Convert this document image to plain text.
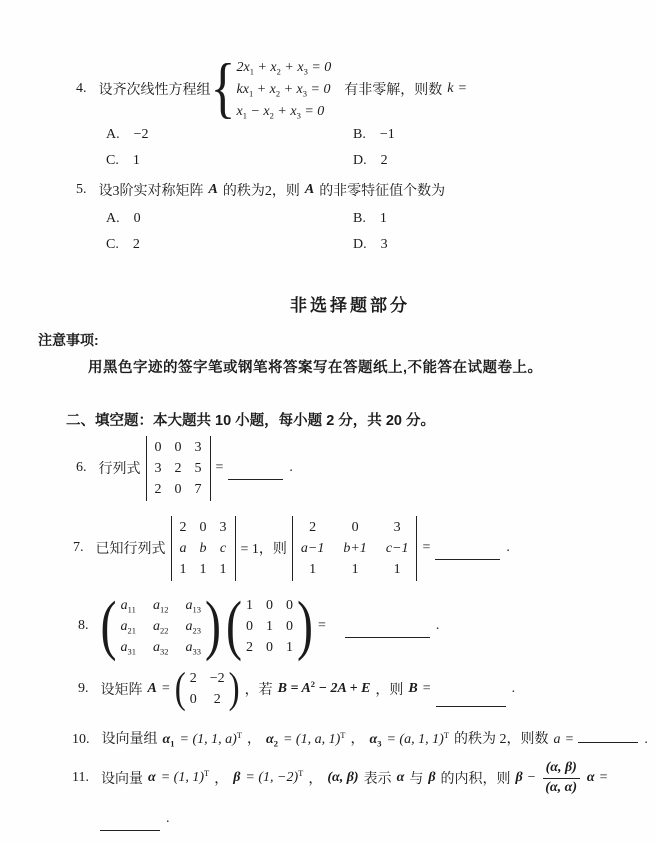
4. 设齐次线性方程组
{
$2x_1 + x_2 + x_3 = 0$
$kx_1 + x_2 + x_3 = 0$
$x_1 - x_2 + x_3 = 0$
有非零解，则数 k =
A. −2	B. −1
C. 1	D. 2
5. 设3阶实对称矩阵 A 的秩为2，则 A 的非零特征值个数为
A. 0	B. 1
C. 2	D. 3
非选择题部分
注意事项:
用黑色字迹的签字笔或钢笔将答案写在答题纸上,不能答在试题卷上。
二、填空题：本大题共 10 小题，每小题 2 分，共 20 分。
6. 行列式
0 0 3
3 2 5
2 0 7
=	.
7. 已知行列式
2 0 3
a b c
1 1 1
= 1，则
2	0	3
a−1 b+1 c−1
1	1	1
=	.
8.
(
$a_{11}$ $a_{12}$ $a_{13}$
$a_{21}$ $a_{22}$ $a_{23}$
$a_{31}$ $a_{32}$ $a_{33}$
)
(
1 0 0
0 1 0
2 0 1
)
=	.
9. 设矩阵 A =
(
2 −2
0 2
)
，若 $B = A^2 - 2A + E$ ，则 B =	.
10. 设向量组 $\alpha_1 = (1$, 1, a)$^T$ ， $\alpha_2 = (1$, a, 1)$^T$ ， $\alpha_3 = (a$, 1, 1)$^T$ 的秩为 2，则数 a =	.
11. 设向量 α = (1, 1)$^T$ ， β = (1, −2)$^T$ ， (α, β) 表示 α 与 β 的内积，则 $\beta - \frac{(\alpha, \beta)}{(\alpha, \alpha)}$ α =
.
